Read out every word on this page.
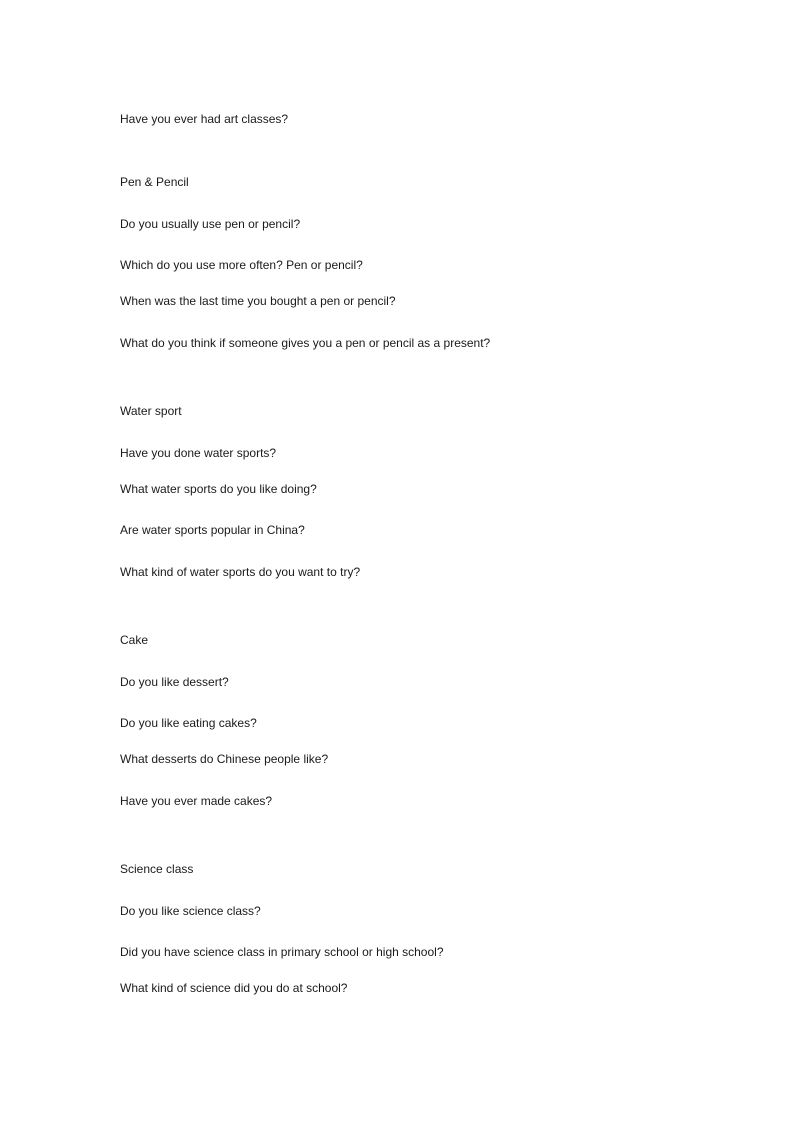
Have you ever had art classes?
Pen & Pencil
Do you usually use pen or pencil?
Which do you use more often? Pen or pencil?
When was the last time you bought a pen or pencil?
What do you think if someone gives you a pen or pencil as a present?
Water sport
Have you done water sports?
What water sports do you like doing?
Are water sports popular in China?
What kind of water sports do you want to try?
Cake
Do you like dessert?
Do you like eating cakes?
What desserts do Chinese people like?
Have you ever made cakes?
Science class
Do you like science class?
Did you have science class in primary school or high school?
What kind of science did you do at school?
